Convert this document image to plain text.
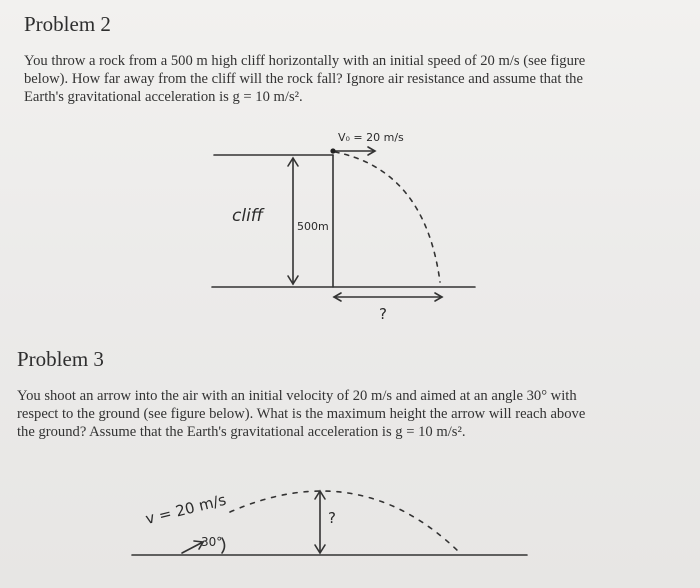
Problem 2

You throw a rock from a 500 m high cliff horizontally with an initial speed of 20 m/s (see figure

below). How far away from the cliff will the rock fall? Ignore air resistance and assume that the

Earth's gravitational acceleration is g = 10 m/s².

V₀ = 20 m/s
cliff
500m
?
Problem 3

You shoot an arrow into the air with an initial velocity of 20 m/s and aimed at an angle 30° with

respect to the ground (see figure below). What is the maximum height the arrow will reach above

the ground? Assume that the Earth's gravitational acceleration is g = 10 m/s².

v = 20 m/s
30°
?
